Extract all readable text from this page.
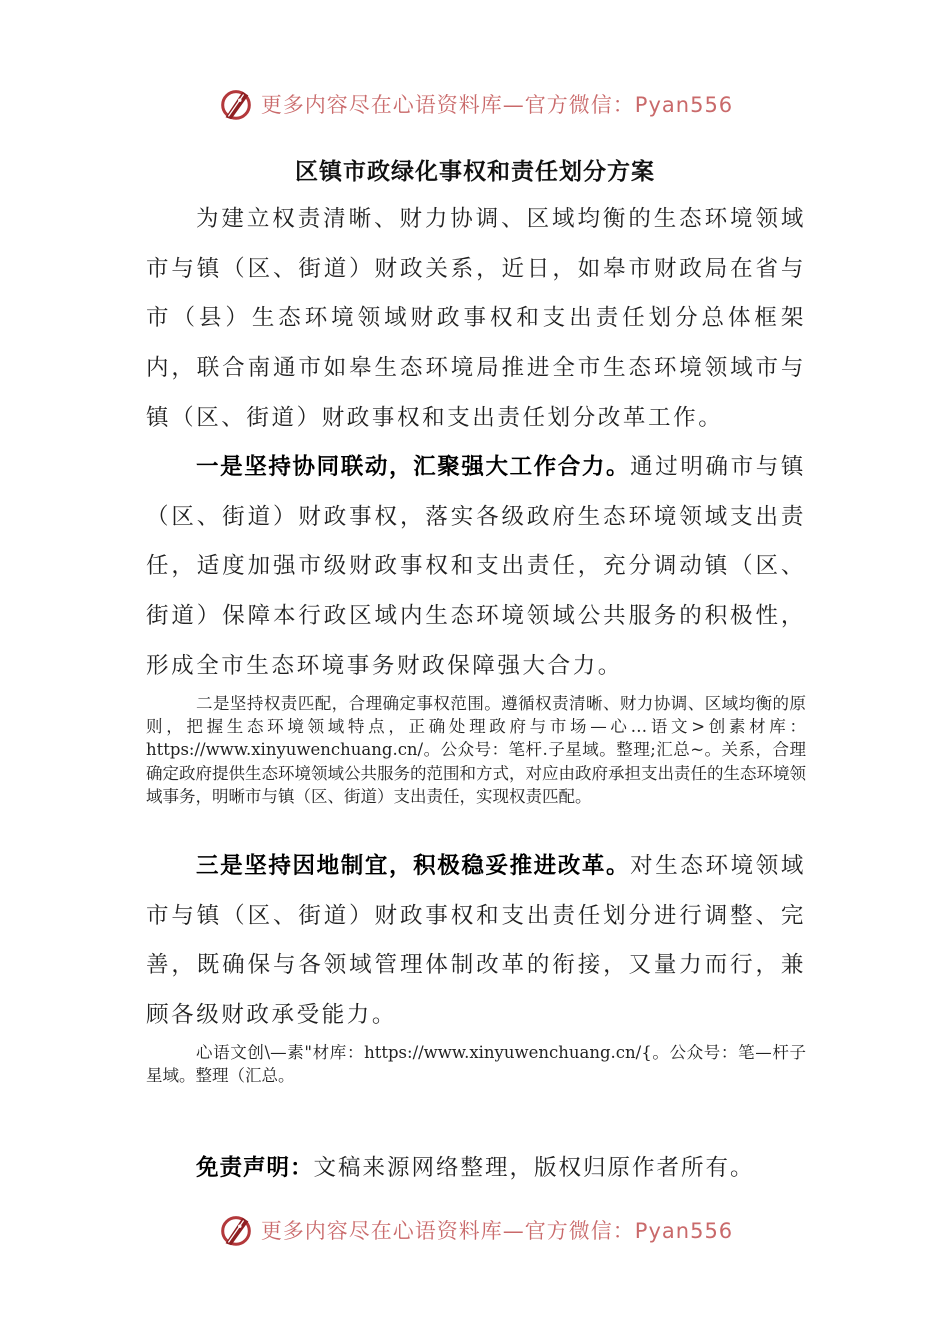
更多内容尽在心语资料库—官方微信：Pyan556
区镇市政绿化事权和责任划分方案

为建立权责清晰、财力协调、区域均衡的生态环境领域市与镇（区、街道）财政关系，近日，如皋市财政局在省与市（县）生态环境领域财政事权和支出责任划分总体框架内，联合南通市如皋生态环境局推进全市生态环境领域市与镇（区、街道）财政事权和支出责任划分改革工作。

一是坚持协同联动，汇聚强大工作合力。通过明确市与镇（区、街道）财政事权，落实各级政府生态环境领域支出责任，适度加强市级财政事权和支出责任，充分调动镇（区、街道）保障本行政区域内生态环境领域公共服务的积极性，形成全市生态环境事务财政保障强大合力。

二是坚持权责匹配，合理确定事权范围。遵循权责清晰、财力协调、区域均衡的原则，把握生态环境领域特点，正确处理政府与市场—心…语文>创素材库：https://www.xinyuwenchuang.cn/。公众号：笔杆.子星域。整理;汇总~。关系，合理确定政府提供生态环境领域公共服务的范围和方式，对应由政府承担支出责任的生态环境领域事务，明晰市与镇（区、街道）支出责任，实现权责匹配。

三是坚持因地制宜，积极稳妥推进改革。对生态环境领域市与镇（区、街道）财政事权和支出责任划分进行调整、完善，既确保与各领域管理体制改革的衔接，又量力而行，兼顾各级财政承受能力。

心语文创\—素"材库：https://www.xinyuwenchuang.cn/{。公众号：笔—杆子星域。整理（汇总。

免责声明：文稿来源网络整理，版权归原作者所有。

更多内容尽在心语资料库—官方微信：Pyan556
